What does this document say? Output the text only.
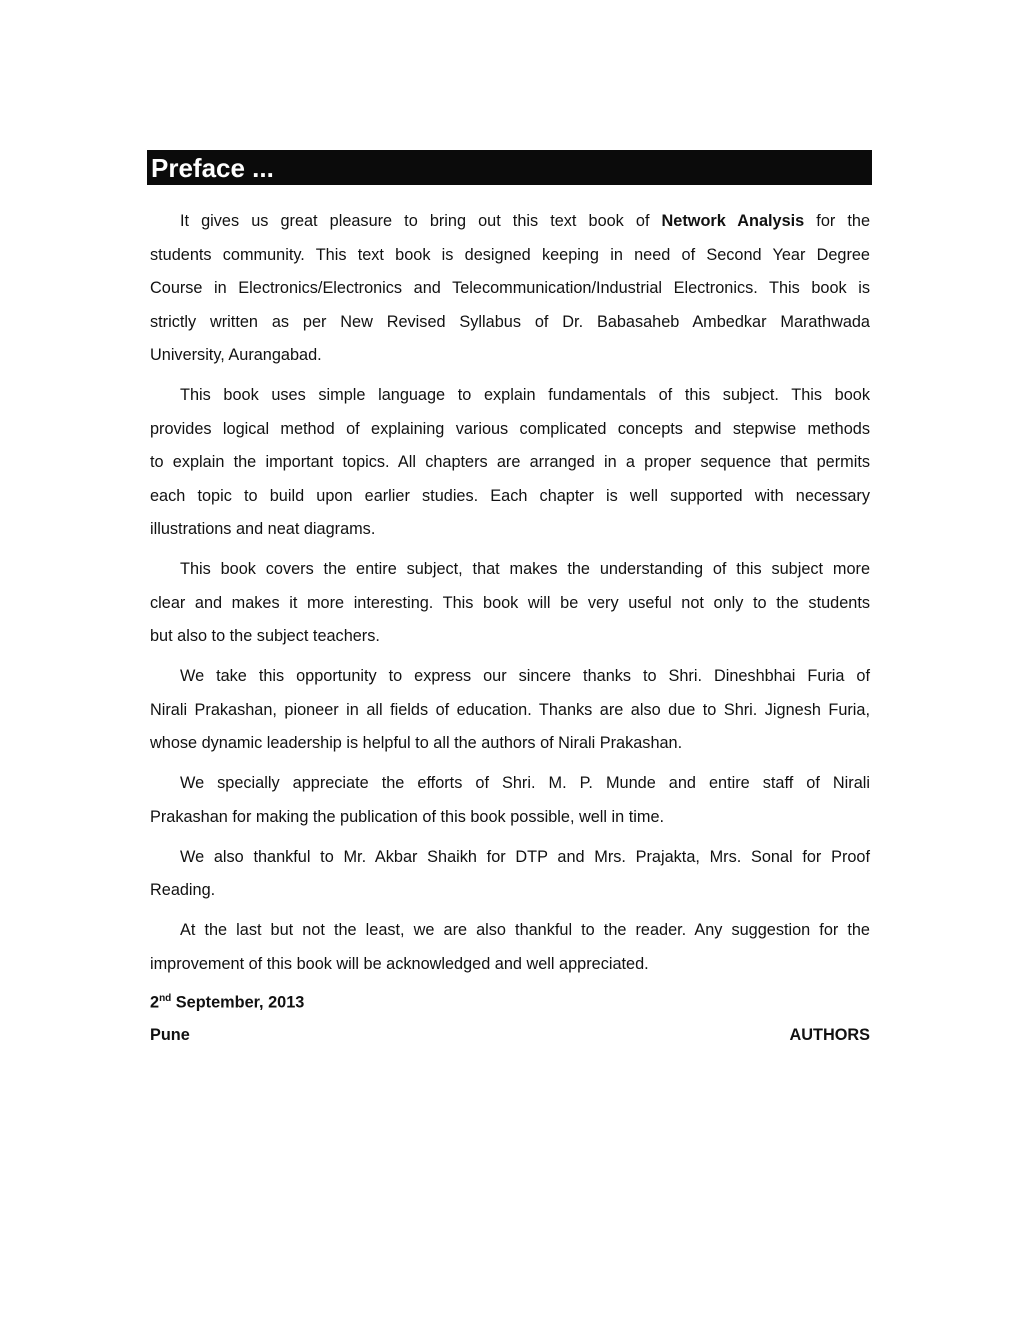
Preface ...
It gives us great pleasure to bring out this text book of Network Analysis for the
students community. This text book is designed keeping in need of Second Year Degree
Course in Electronics/Electronics and Telecommunication/Industrial Electronics. This book is
strictly written as per New Revised Syllabus of Dr. Babasaheb Ambedkar Marathwada
University, Aurangabad.
This book uses simple language to explain fundamentals of this subject. This book
provides logical method of explaining various complicated concepts and stepwise methods
to explain the important topics. All chapters are arranged in a proper sequence that permits
each topic to build upon earlier studies. Each chapter is well supported with necessary
illustrations and neat diagrams.
This book covers the entire subject, that makes the understanding of this subject more
clear and makes it more interesting. This book will be very useful not only to the students
but also to the subject teachers.
We take this opportunity to express our sincere thanks to Shri. Dineshbhai Furia of
Nirali Prakashan, pioneer in all fields of education. Thanks are also due to Shri. Jignesh Furia,
whose dynamic leadership is helpful to all the authors of Nirali Prakashan.
We specially appreciate the efforts of Shri. M. P. Munde and entire staff of Nirali
Prakashan for making the publication of this book possible, well in time.
We also thankful to Mr. Akbar Shaikh for DTP and Mrs. Prajakta, Mrs. Sonal for Proof
Reading.
At the last but not the least, we are also thankful to the reader. Any suggestion for the
improvement of this book will be acknowledged and well appreciated.
2nd September, 2013
Pune	AUTHORS
